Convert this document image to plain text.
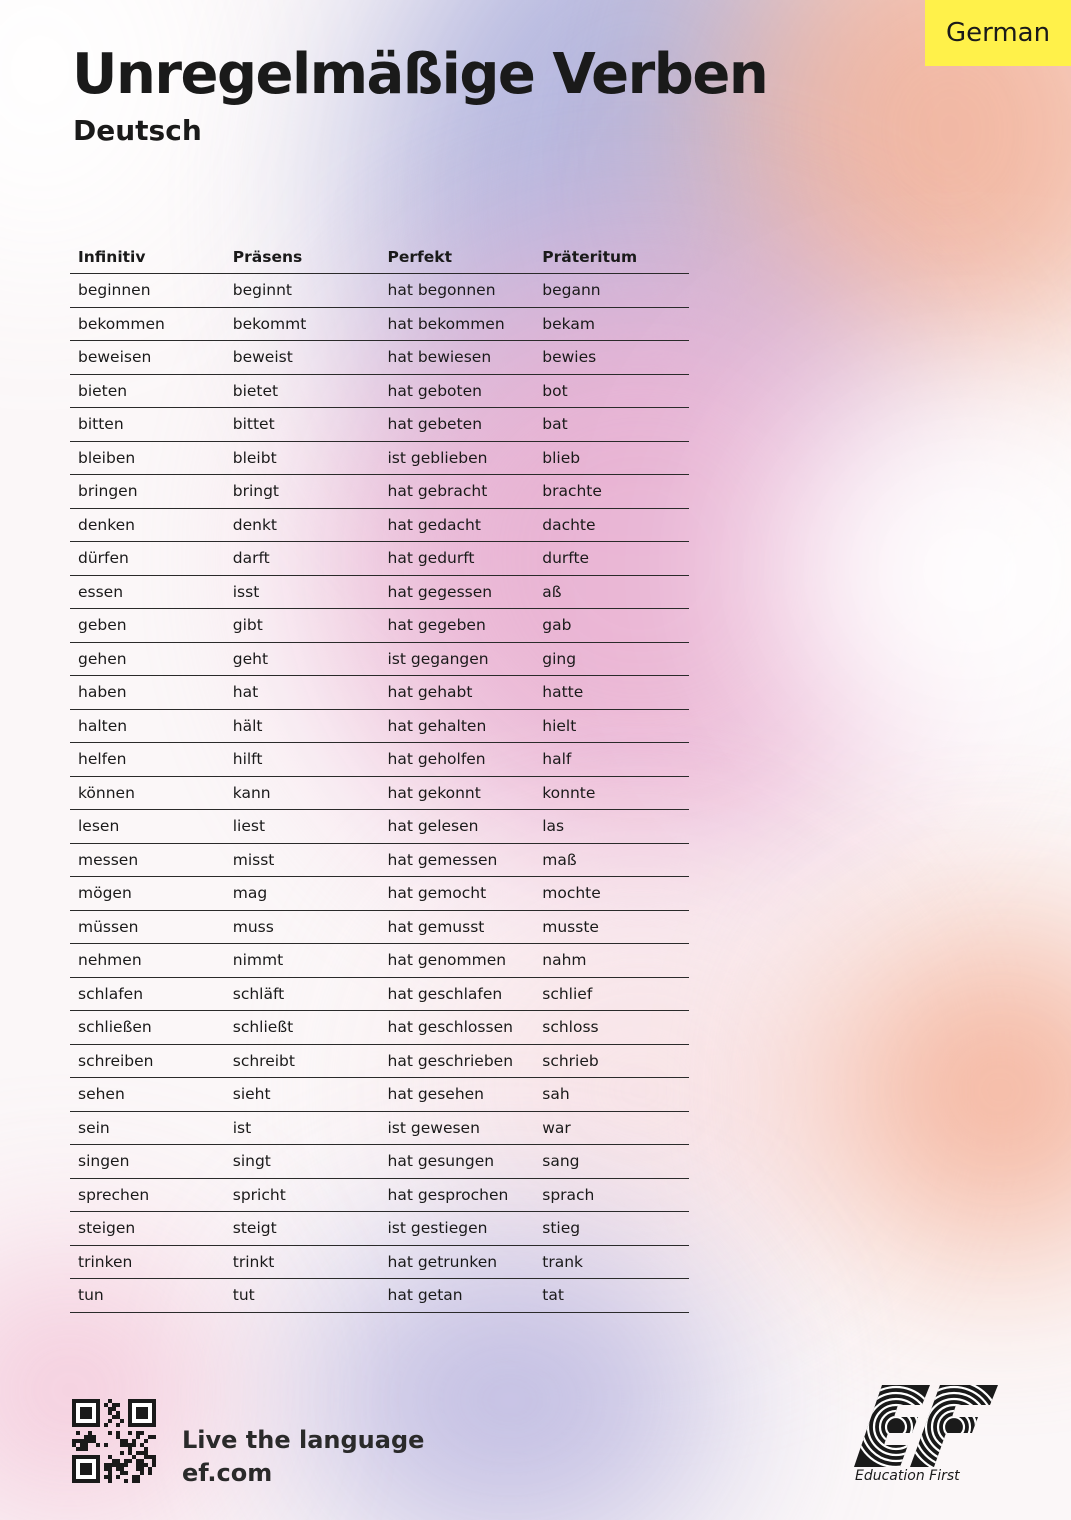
German
Unregelmäßige Verben
Deutsch
Infinitiv	Präsens	Perfekt	Präteritum
beginnen	beginnt	hat begonnen	begann
bekommen	bekommt	hat bekommen	bekam
beweisen	beweist	hat bewiesen	bewies
bieten	bietet	hat geboten	bot
bitten	bittet	hat gebeten	bat
bleiben	bleibt	ist geblieben	blieb
bringen	bringt	hat gebracht	brachte
denken	denkt	hat gedacht	dachte
dürfen	darft	hat gedurft	durfte
essen	isst	hat gegessen	aß
geben	gibt	hat gegeben	gab
gehen	geht	ist gegangen	ging
haben	hat	hat gehabt	hatte
halten	hält	hat gehalten	hielt
helfen	hilft	hat geholfen	half
können	kann	hat gekonnt	konnte
lesen	liest	hat gelesen	las
messen	misst	hat gemessen	maß
mögen	mag	hat gemocht	mochte
müssen	muss	hat gemusst	musste
nehmen	nimmt	hat genommen	nahm
schlafen	schläft	hat geschlafen	schlief
schließen	schließt	hat geschlossen	schloss
schreiben	schreibt	hat geschrieben	schrieb
sehen	sieht	hat gesehen	sah
sein	ist	ist gewesen	war
singen	singt	hat gesungen	sang
sprechen	spricht	hat gesprochen	sprach
steigen	steigt	ist gestiegen	stieg
trinken	trinkt	hat getrunken	trank
tun	tut	hat getan	tat
Live the language
ef.com	Education First
